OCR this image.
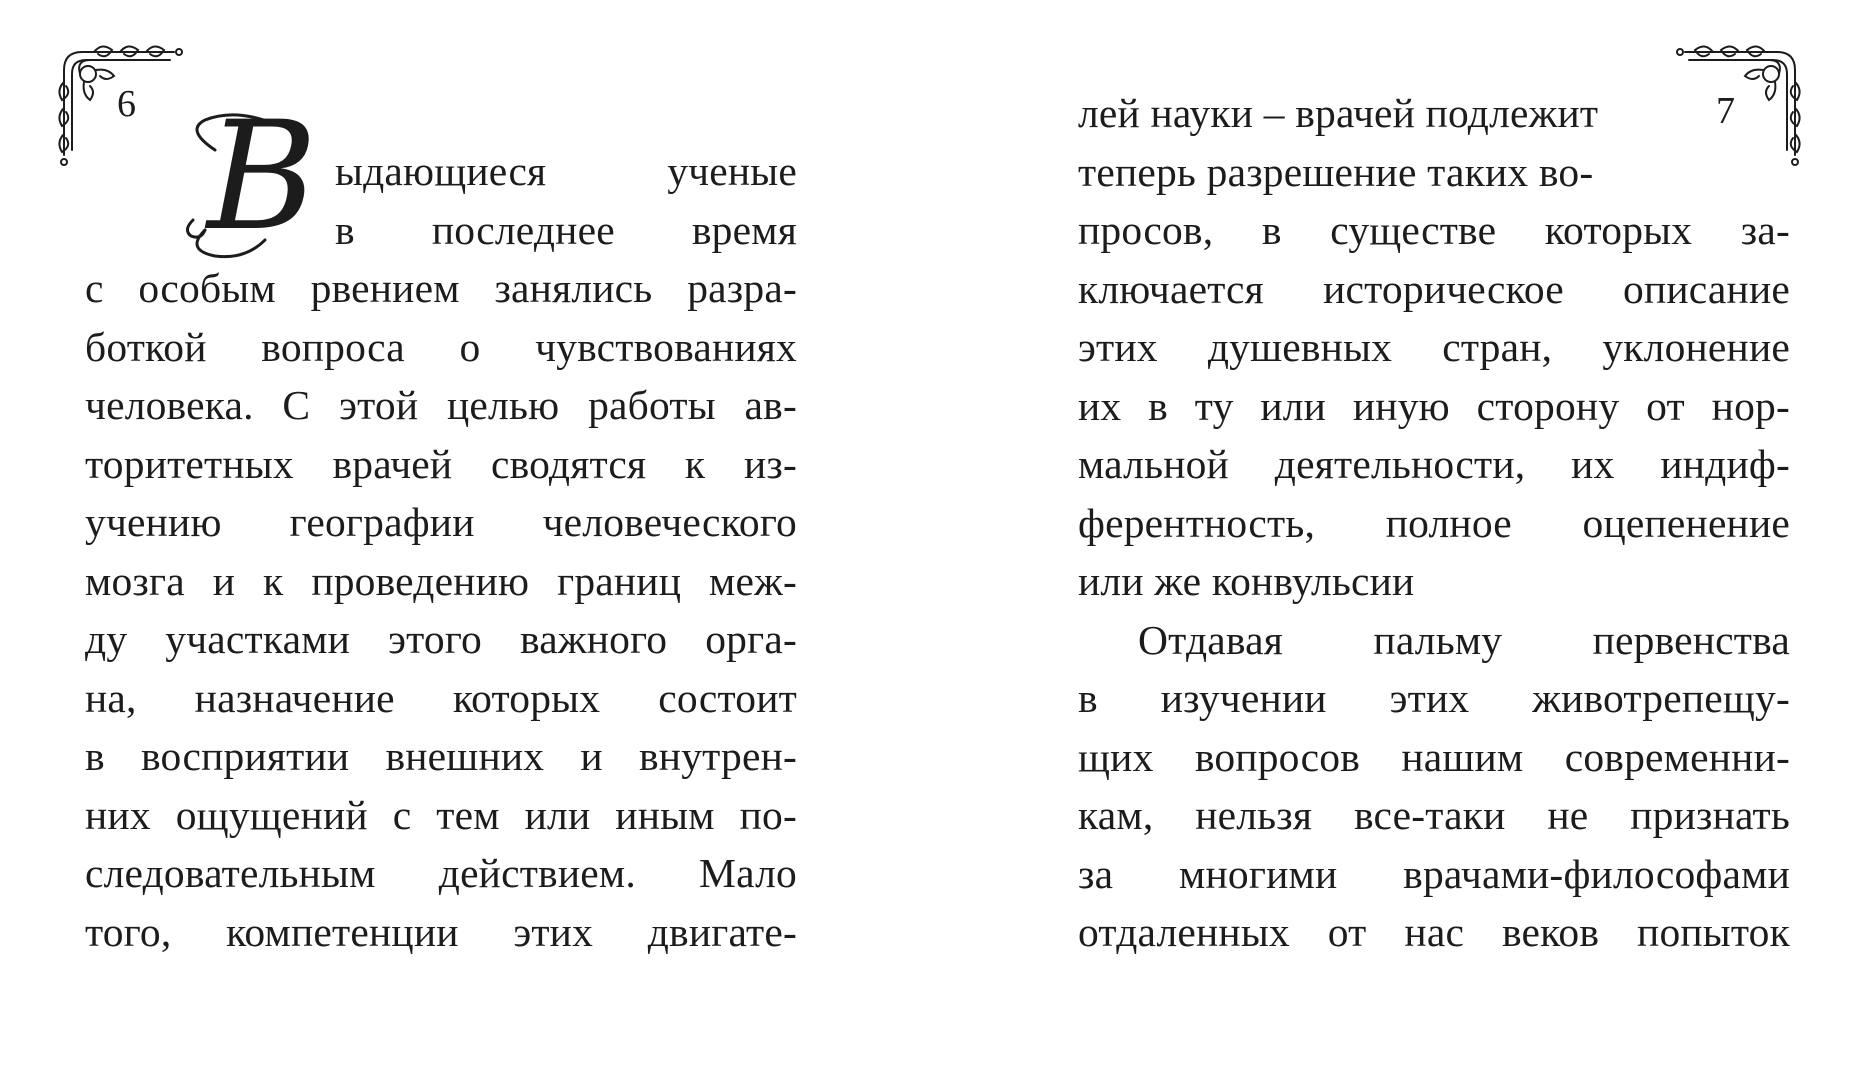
6	7
В ыдающиеся ученые
в последнее время
с особым рвением занялись разра-
боткой вопроса о чувствованиях
человека. С этой целью работы ав-
торитетных врачей сводятся к из-
учению географии человеческого
мозга и к проведению границ меж-
ду участками этого важного орга-
на, назначение которых состоит
в восприятии внешних и внутрен-
них ощущений с тем или иным по-
следовательным действием. Мало
того, компетенции этих двигате-
лей науки – врачей подлежит
теперь разрешение таких во-
просов, в существе которых за-
ключается историческое описание
этих душевных стран, уклонение
их в ту или иную сторону от нор-
мальной деятельности, их индиф-
ферентность, полное оцепенение
или же конвульсии
Отдавая пальму первенства
в изучении этих животрепещу-
щих вопросов нашим современни-
кам, нельзя все-таки не признать
за многими врачами-философами
отдаленных от нас веков попыток
